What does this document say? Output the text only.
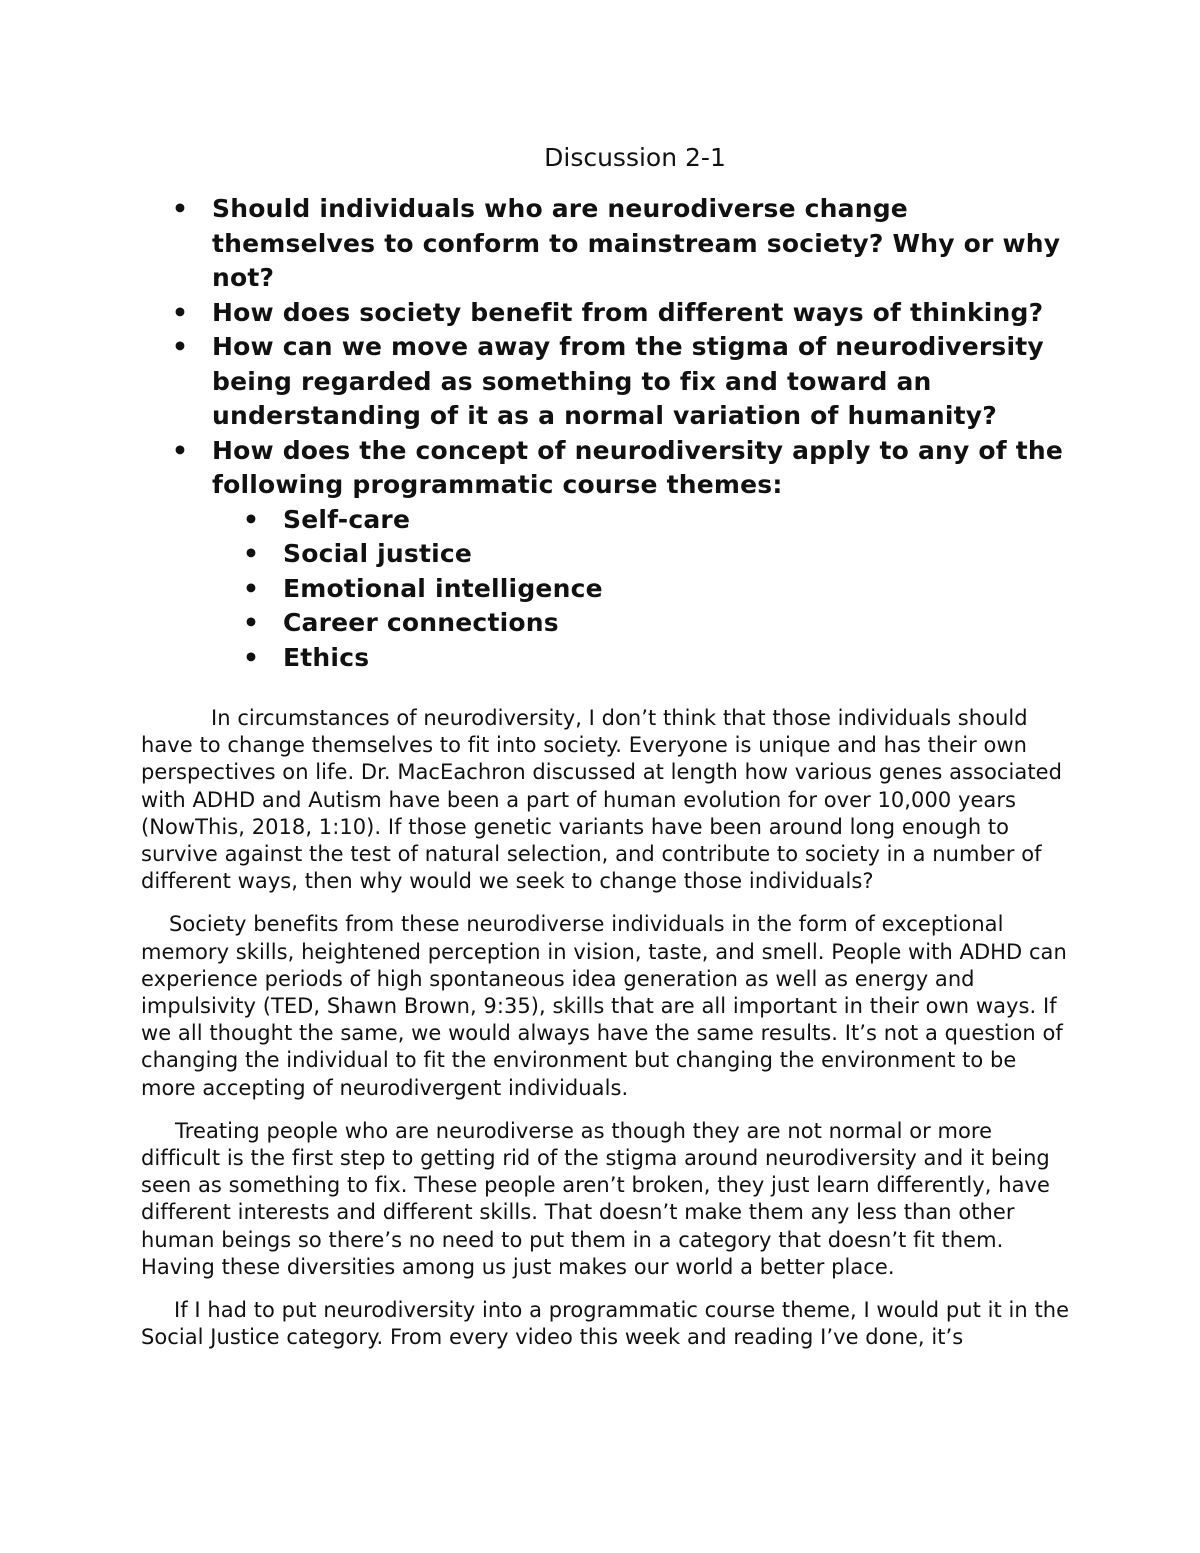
Discussion 2-1
• Should individuals who are neurodiverse change themselves to conform to mainstream society? Why or why not?
• How does society benefit from different ways of thinking?
• How can we move away from the stigma of neurodiversity being regarded as something to fix and toward an understanding of it as a normal variation of humanity?
• How does the concept of neurodiversity apply to any of the following programmatic course themes:
• Self-care
• Social justice
• Emotional intelligence
• Career connections
• Ethics

In circumstances of neurodiversity, I don’t think that those individuals should have to change themselves to fit into society. Everyone is unique and has their own perspectives on life. Dr. MacEachron discussed at length how various genes associated with ADHD and Autism have been a part of human evolution for over 10,000 years (NowThis, 2018, 1:10). If those genetic variants have been around long enough to survive against the test of natural selection, and contribute to society in a number of different ways, then why would we seek to change those individuals?

Society benefits from these neurodiverse individuals in the form of exceptional memory skills, heightened perception in vision, taste, and smell. People with ADHD can experience periods of high spontaneous idea generation as well as energy and impulsivity (TED, Shawn Brown, 9:35), skills that are all important in their own ways. If we all thought the same, we would always have the same results. It’s not a question of changing the individual to fit the environment but changing the environment to be more accepting of neurodivergent individuals.

Treating people who are neurodiverse as though they are not normal or more difficult is the first step to getting rid of the stigma around neurodiversity and it being seen as something to fix. These people aren’t broken, they just learn differently, have different interests and different skills. That doesn’t make them any less than other human beings so there’s no need to put them in a category that doesn’t fit them. Having these diversities among us just makes our world a better place.

If I had to put neurodiversity into a programmatic course theme, I would put it in the Social Justice category. From every video this week and reading I’ve done, it’s
